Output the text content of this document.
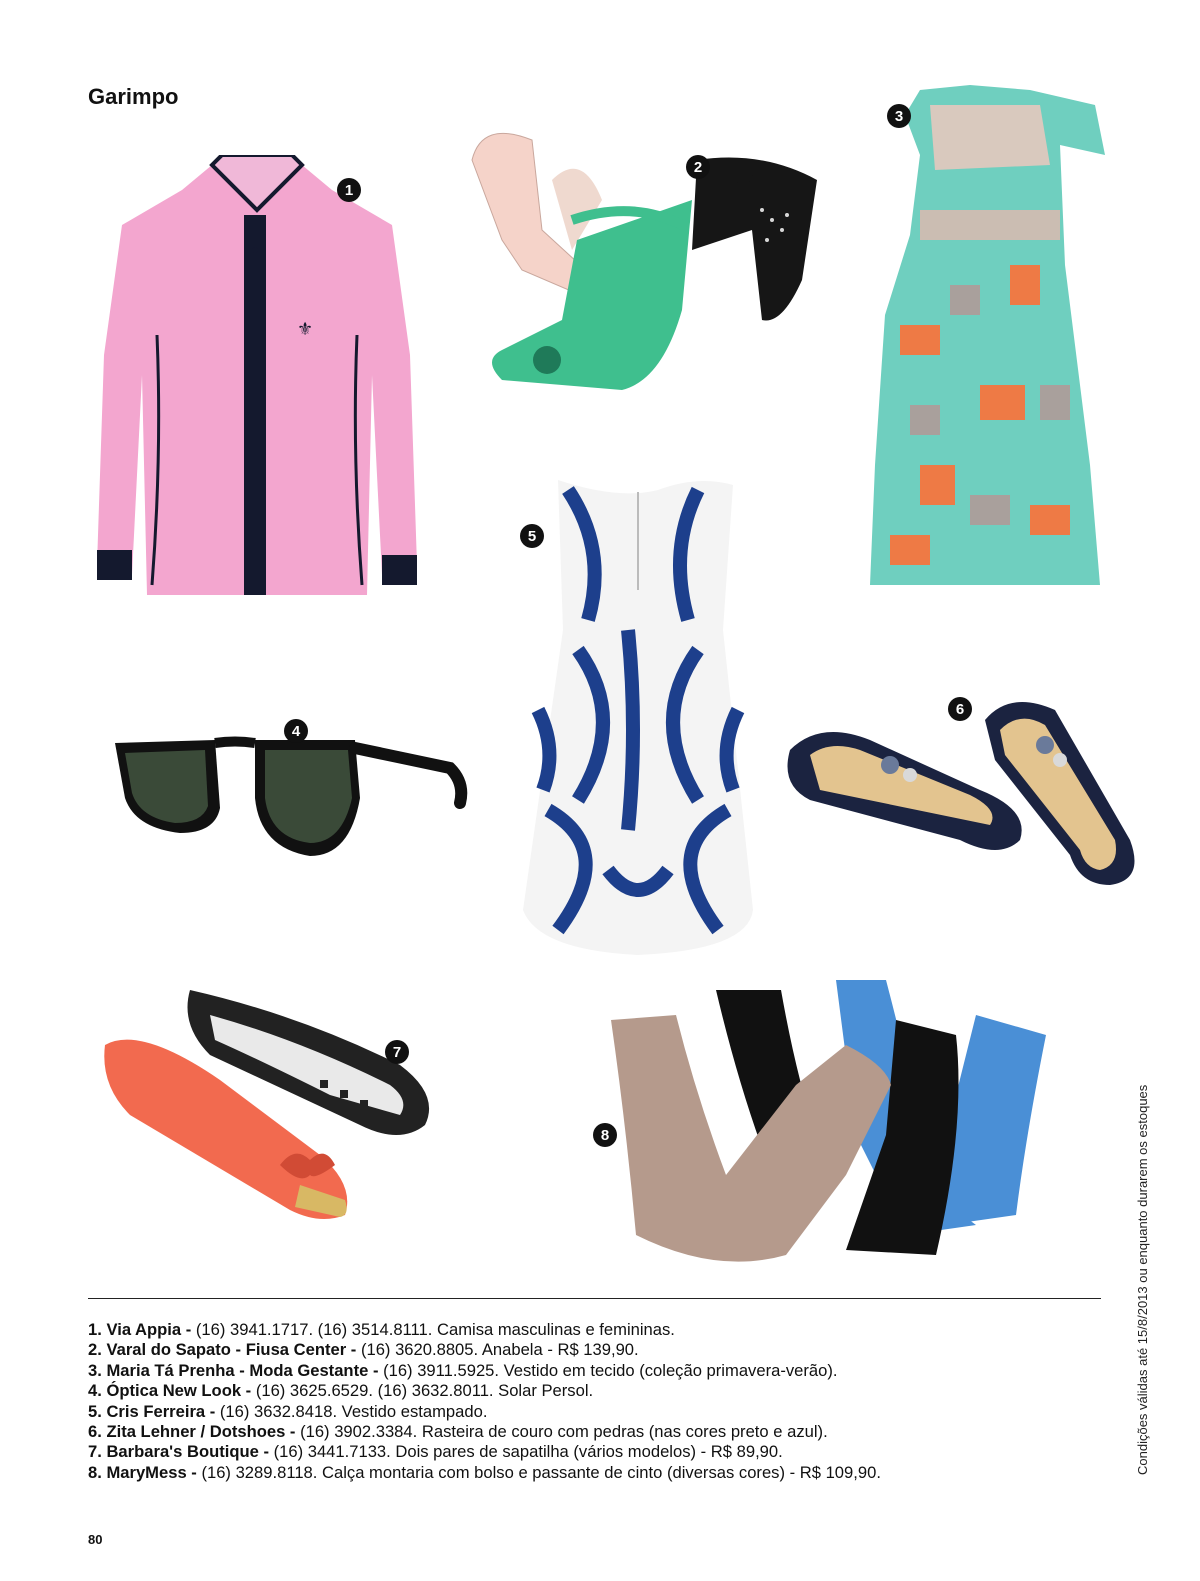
Garimpo
⚜
1
2
3
4
5
6
7
8
1. Via Appia - (16) 3941.1717. (16) 3514.8111. Camisa masculinas e femininas.
2. Varal do Sapato - Fiusa Center - (16) 3620.8805. Anabela - R$ 139,90.
3. Maria Tá Prenha - Moda Gestante - (16) 3911.5925. Vestido em tecido (coleção primavera-verão).
4. Óptica New Look - (16) 3625.6529. (16) 3632.8011. Solar Persol.
5. Cris Ferreira - (16) 3632.8418. Vestido estampado.
6. Zita Lehner / Dotshoes - (16) 3902.3384. Rasteira de couro com pedras (nas cores preto e azul).
7. Barbara's Boutique - (16) 3441.7133. Dois pares de sapatilha (vários modelos) - R$ 89,90.
8. MaryMess - (16) 3289.8118. Calça montaria com bolso e passante de cinto (diversas cores) - R$ 109,90.	Condições válidas até 15/8/2013 ou enquanto durarem os estoques
80
